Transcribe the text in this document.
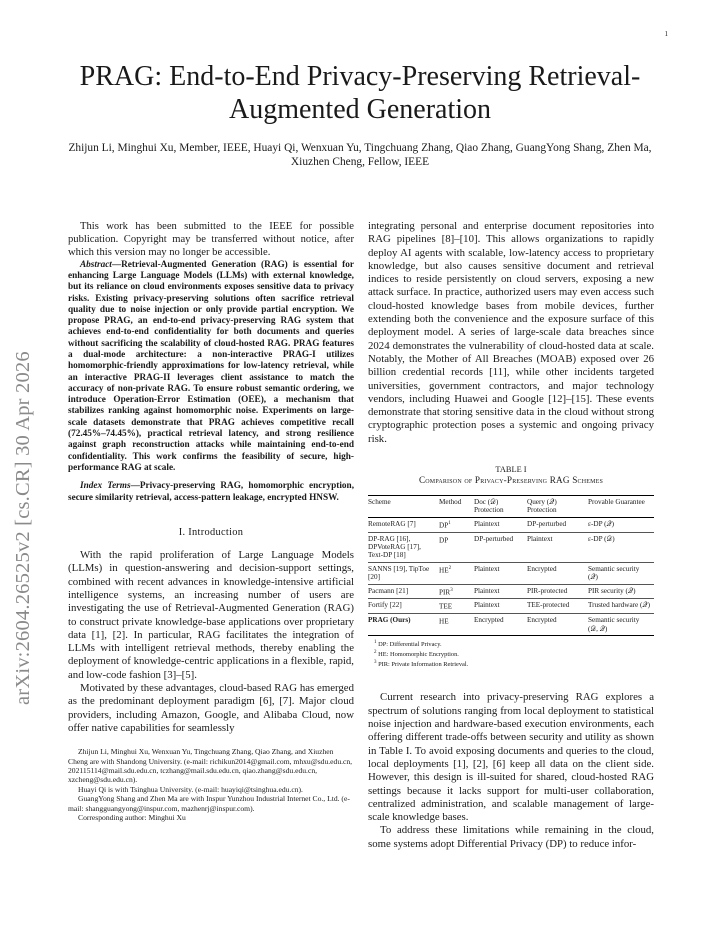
1
arXiv:2604.26525v2 [cs.CR] 30 Apr 2026
PRAG: End-to-End Privacy-Preserving Retrieval-Augmented Generation
Zhijun Li, Minghui Xu, Member, IEEE, Huayi Qi, Wenxuan Yu, Tingchuang Zhang, Qiao Zhang, GuangYong Shang, Zhen Ma, Xiuzhen Cheng, Fellow, IEEE

This work has been submitted to the IEEE for possible publication. Copyright may be transferred without notice, after which this version may no longer be accessible.

Abstract—Retrieval-Augmented Generation (RAG) is essential for enhancing Large Language Models (LLMs) with external knowledge, but its reliance on cloud environments exposes sensitive data to privacy risks. Existing privacy-preserving solutions often sacrifice retrieval quality due to noise injection or only provide partial encryption. We propose PRAG, an end-to-end privacy-preserving RAG system that achieves end-to-end confidentiality for both documents and queries without sacrificing the scalability of cloud-hosted RAG. PRAG features a dual-mode architecture: a non-interactive PRAG-I utilizes homomorphic-friendly approximations for low-latency retrieval, while an interactive PRAG-II leverages client assistance to match the accuracy of non-private RAG. To ensure robust semantic ordering, we introduce Operation-Error Estimation (OEE), a mechanism that stabilizes ranking against homomorphic noise. Experiments on large-scale datasets demonstrate that PRAG achieves competitive recall (72.45%–74.45%), practical retrieval latency, and strong resilience against graph reconstruction attacks while maintaining end-to-end confidentiality. This work confirms the feasibility of secure, high-performance RAG at scale.

Index Terms—Privacy-preserving RAG, homomorphic encryption, secure similarity retrieval, access-pattern leakage, encrypted HNSW.

I. Introduction

With the rapid proliferation of Large Language Models (LLMs) in question-answering and decision-support settings, combined with recent advances in knowledge-intensive artificial intelligence systems, an increasing number of users are investigating the use of Retrieval-Augmented Generation (RAG) to construct private knowledge-base applications over proprietary data [1], [2]. In particular, RAG facilitates the integration of LLMs with intelligent retrieval methods, thereby enabling the deployment of knowledge-centric applications in a flexible, rapid, and low-code fashion [3]–[5].

Motivated by these advantages, cloud-based RAG has emerged as the predominant deployment paradigm [6], [7]. Major cloud providers, including Amazon, Google, and Alibaba Cloud, now offer native capabilities for seamlessly

Zhijun Li, Minghui Xu, Wenxuan Yu, Tingchuang Zhang, Qiao Zhang, and Xiuzhen Cheng are with Shandong University. (e-mail: richikun2014@gmail.com, mhxu@sdu.edu.cn, 202115114@mail.sdu.edu.cn, tczhang@mail.sdu.edu.cn, qiao.zhang@sdu.edu.cn, xzcheng@sdu.edu.cn).

Huayi Qi is with Tsinghua University. (e-mail: huayiqi@tsinghua.edu.cn).

GuangYong Shang and Zhen Ma are with Inspur Yunzhou Industrial Internet Co., Ltd. (e-mail: shangguangyong@inspur.com, mazhenrj@inspur.com).

Corresponding author: Minghui Xu

integrating personal and enterprise document repositories into RAG pipelines [8]–[10]. This allows organizations to rapidly deploy AI agents with scalable, low-latency access to proprietary knowledge, but also causes sensitive document and retrieval indices to reside persistently on cloud servers, exposing a new attack surface. In practice, authorized users may even access such cloud-hosted knowledge bases from mobile devices, further extending both the convenience and the exposure surface of this deployment model. A series of large-scale data breaches since 2024 demonstrates the vulnerability of cloud-hosted data at scale. Notably, the Mother of All Breaches (MOAB) exposed over 26 billion credential records [11], while other incidents targeted universities, government contractors, and major technology vendors, including Huawei and Google [12]–[15]. These events demonstrate that storing sensitive data in the cloud without strong cryptographic protection poses a systemic and ongoing privacy risk.

TABLE I
Comparison of Privacy-Preserving RAG Schemes
Scheme	Method	Doc (𝒟) Protection	Query (𝒬) Protection	Provable Guarantee
RemoteRAG [7]	$DP^1$	Plaintext	DP-perturbed	ε-DP (𝒬)
DP-RAG [16], DPVoteRAG [17], Text-DP [18]	DP	DP-perturbed	Plaintext	ε-DP (𝒟)
SANNS [19], TipToe [20]	$HE^2$	Plaintext	Encrypted	Semantic security (𝒬)
Pacmann [21]	PIR$^3$	Plaintext	PIR-protected	PIR security (𝒬)
Fortify [22]	TEE	Plaintext	TEE-protected	Trusted hardware (𝒬)
PRAG (Ours)	HE	Encrypted	Encrypted	Semantic security (𝒟, 𝒬)
$^1$ DP: Differential Privacy.
$^2$ HE: Homomorphic Encryption.
$^3$ PIR: Private Information Retrieval.

Current research into privacy-preserving RAG explores a spectrum of solutions ranging from local deployment to statistical noise injection and hardware-based execution environments, each offering different trade-offs between security and utility as shown in Table I. To avoid exposing documents and queries to the cloud, local deployments [1], [2], [6] keep all data on the client side. However, this design is ill-suited for shared, cloud-hosted RAG settings because it lacks support for multi-user collaboration, centralized administration, and scalable management of large-scale knowledge bases.

To address these limitations while remaining in the cloud, some systems adopt Differential Privacy (DP) to reduce infor-
